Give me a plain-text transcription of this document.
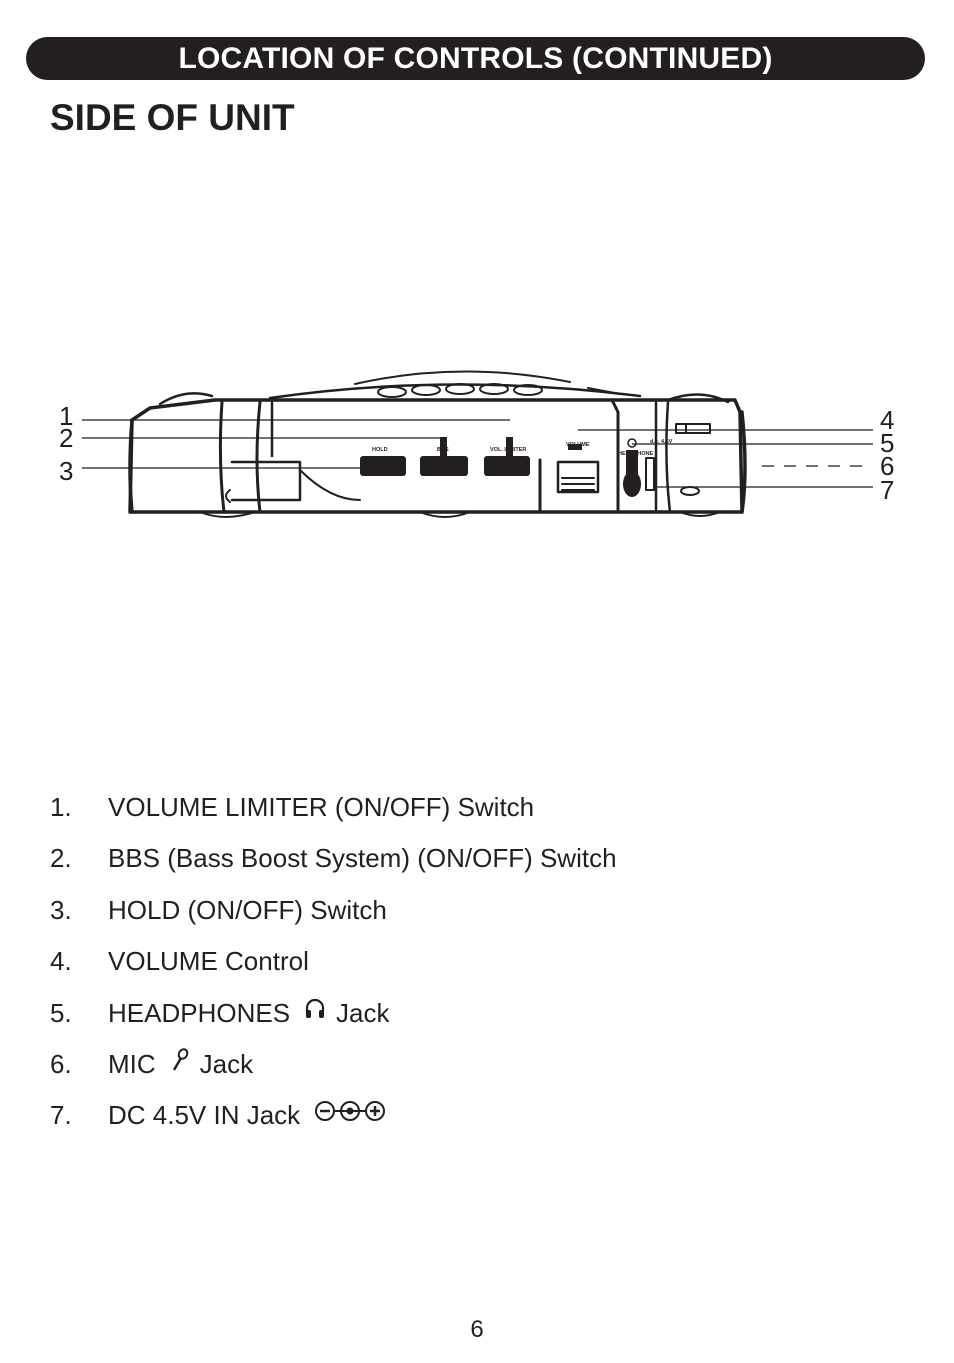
LOCATION OF CONTROLS (CONTINUED)
SIDE OF UNIT
HOLD
ON OFF
BBS
ON OFF
VOL. LIMITER
ON OFF
VOLUME
HEADPHONE
d.c. 4.5V
1
2
3
4
5
6
7
1. VOLUME LIMITER (ON/OFF) Switch
2. BBS (Bass Boost System) (ON/OFF) Switch
3. HOLD (ON/OFF) Switch
4. VOLUME Control
5. HEADPHONES Jack
6. MIC Jack
7. DC 4.5V IN Jack
6
